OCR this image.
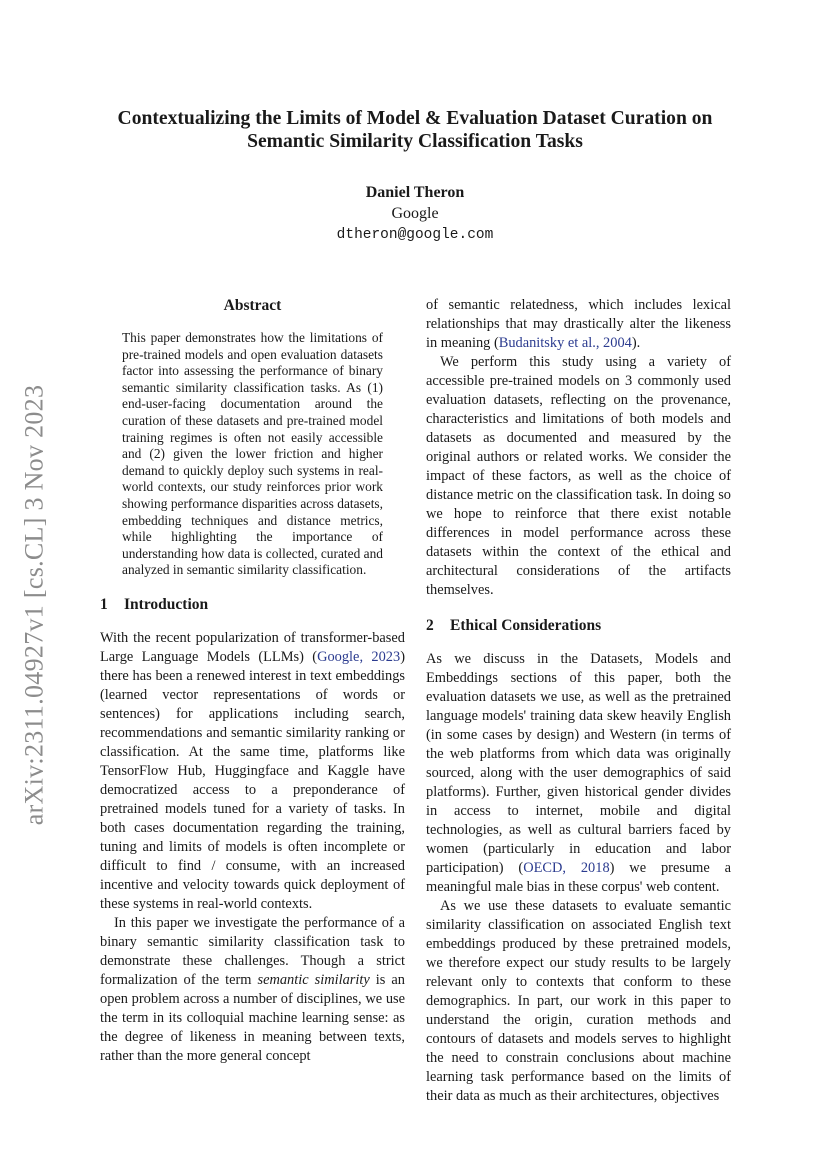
arXiv:2311.04927v1 [cs.CL] 3 Nov 2023
Contextualizing the Limits of Model & Evaluation Dataset Curation on
Semantic Similarity Classification Tasks
Daniel Theron
Google
dtheron@google.com
Abstract

This paper demonstrates how the limitations of pre-trained models and open evaluation datasets factor into assessing the performance of binary semantic similarity classification tasks. As (1) end-user-facing documentation around the curation of these datasets and pre-trained model training regimes is often not easily accessible and (2) given the lower friction and higher demand to quickly deploy such systems in real-world contexts, our study reinforces prior work showing performance disparities across datasets, embedding techniques and distance metrics, while highlighting the importance of understanding how data is collected, curated and analyzed in semantic similarity classification.

1	Introduction

With the recent popularization of transformer-based Large Language Models (LLMs) (Google, 2023) there has been a renewed interest in text embeddings (learned vector representations of words or sentences) for applications including search, recommendations and semantic similarity ranking or classification. At the same time, platforms like TensorFlow Hub, Huggingface and Kaggle have democratized access to a preponderance of pretrained models tuned for a variety of tasks. In both cases documentation regarding the training, tuning and limits of models is often incomplete or difficult to find / consume, with an increased incentive and velocity towards quick deployment of these systems in real-world contexts.

In this paper we investigate the performance of a binary semantic similarity classification task to demonstrate these challenges. Though a strict formalization of the term semantic similarity is an open problem across a number of disciplines, we use the term in its colloquial machine learning sense: as the degree of likeness in meaning between texts, rather than the more general concept

of semantic relatedness, which includes lexical relationships that may drastically alter the likeness in meaning (Budanitsky et al., 2004).

We perform this study using a variety of accessible pre-trained models on 3 commonly used evaluation datasets, reflecting on the provenance, characteristics and limitations of both models and datasets as documented and measured by the original authors or related works. We consider the impact of these factors, as well as the choice of distance metric on the classification task. In doing so we hope to reinforce that there exist notable differences in model performance across these datasets within the context of the ethical and architectural considerations of the artifacts themselves.

2	Ethical Considerations

As we discuss in the Datasets, Models and Embeddings sections of this paper, both the evaluation datasets we use, as well as the pretrained language models' training data skew heavily English (in some cases by design) and Western (in terms of the web platforms from which data was originally sourced, along with the user demographics of said platforms). Further, given historical gender divides in access to internet, mobile and digital technologies, as well as cultural barriers faced by women (particularly in education and labor participation) (OECD, 2018) we presume a meaningful male bias in these corpus' web content.

As we use these datasets to evaluate semantic similarity classification on associated English text embeddings produced by these pretrained models, we therefore expect our study results to be largely relevant only to contexts that conform to these demographics. In part, our work in this paper to understand the origin, curation methods and contours of datasets and models serves to highlight the need to constrain conclusions about machine learning task performance based on the limits of their data as much as their architectures, objectives
